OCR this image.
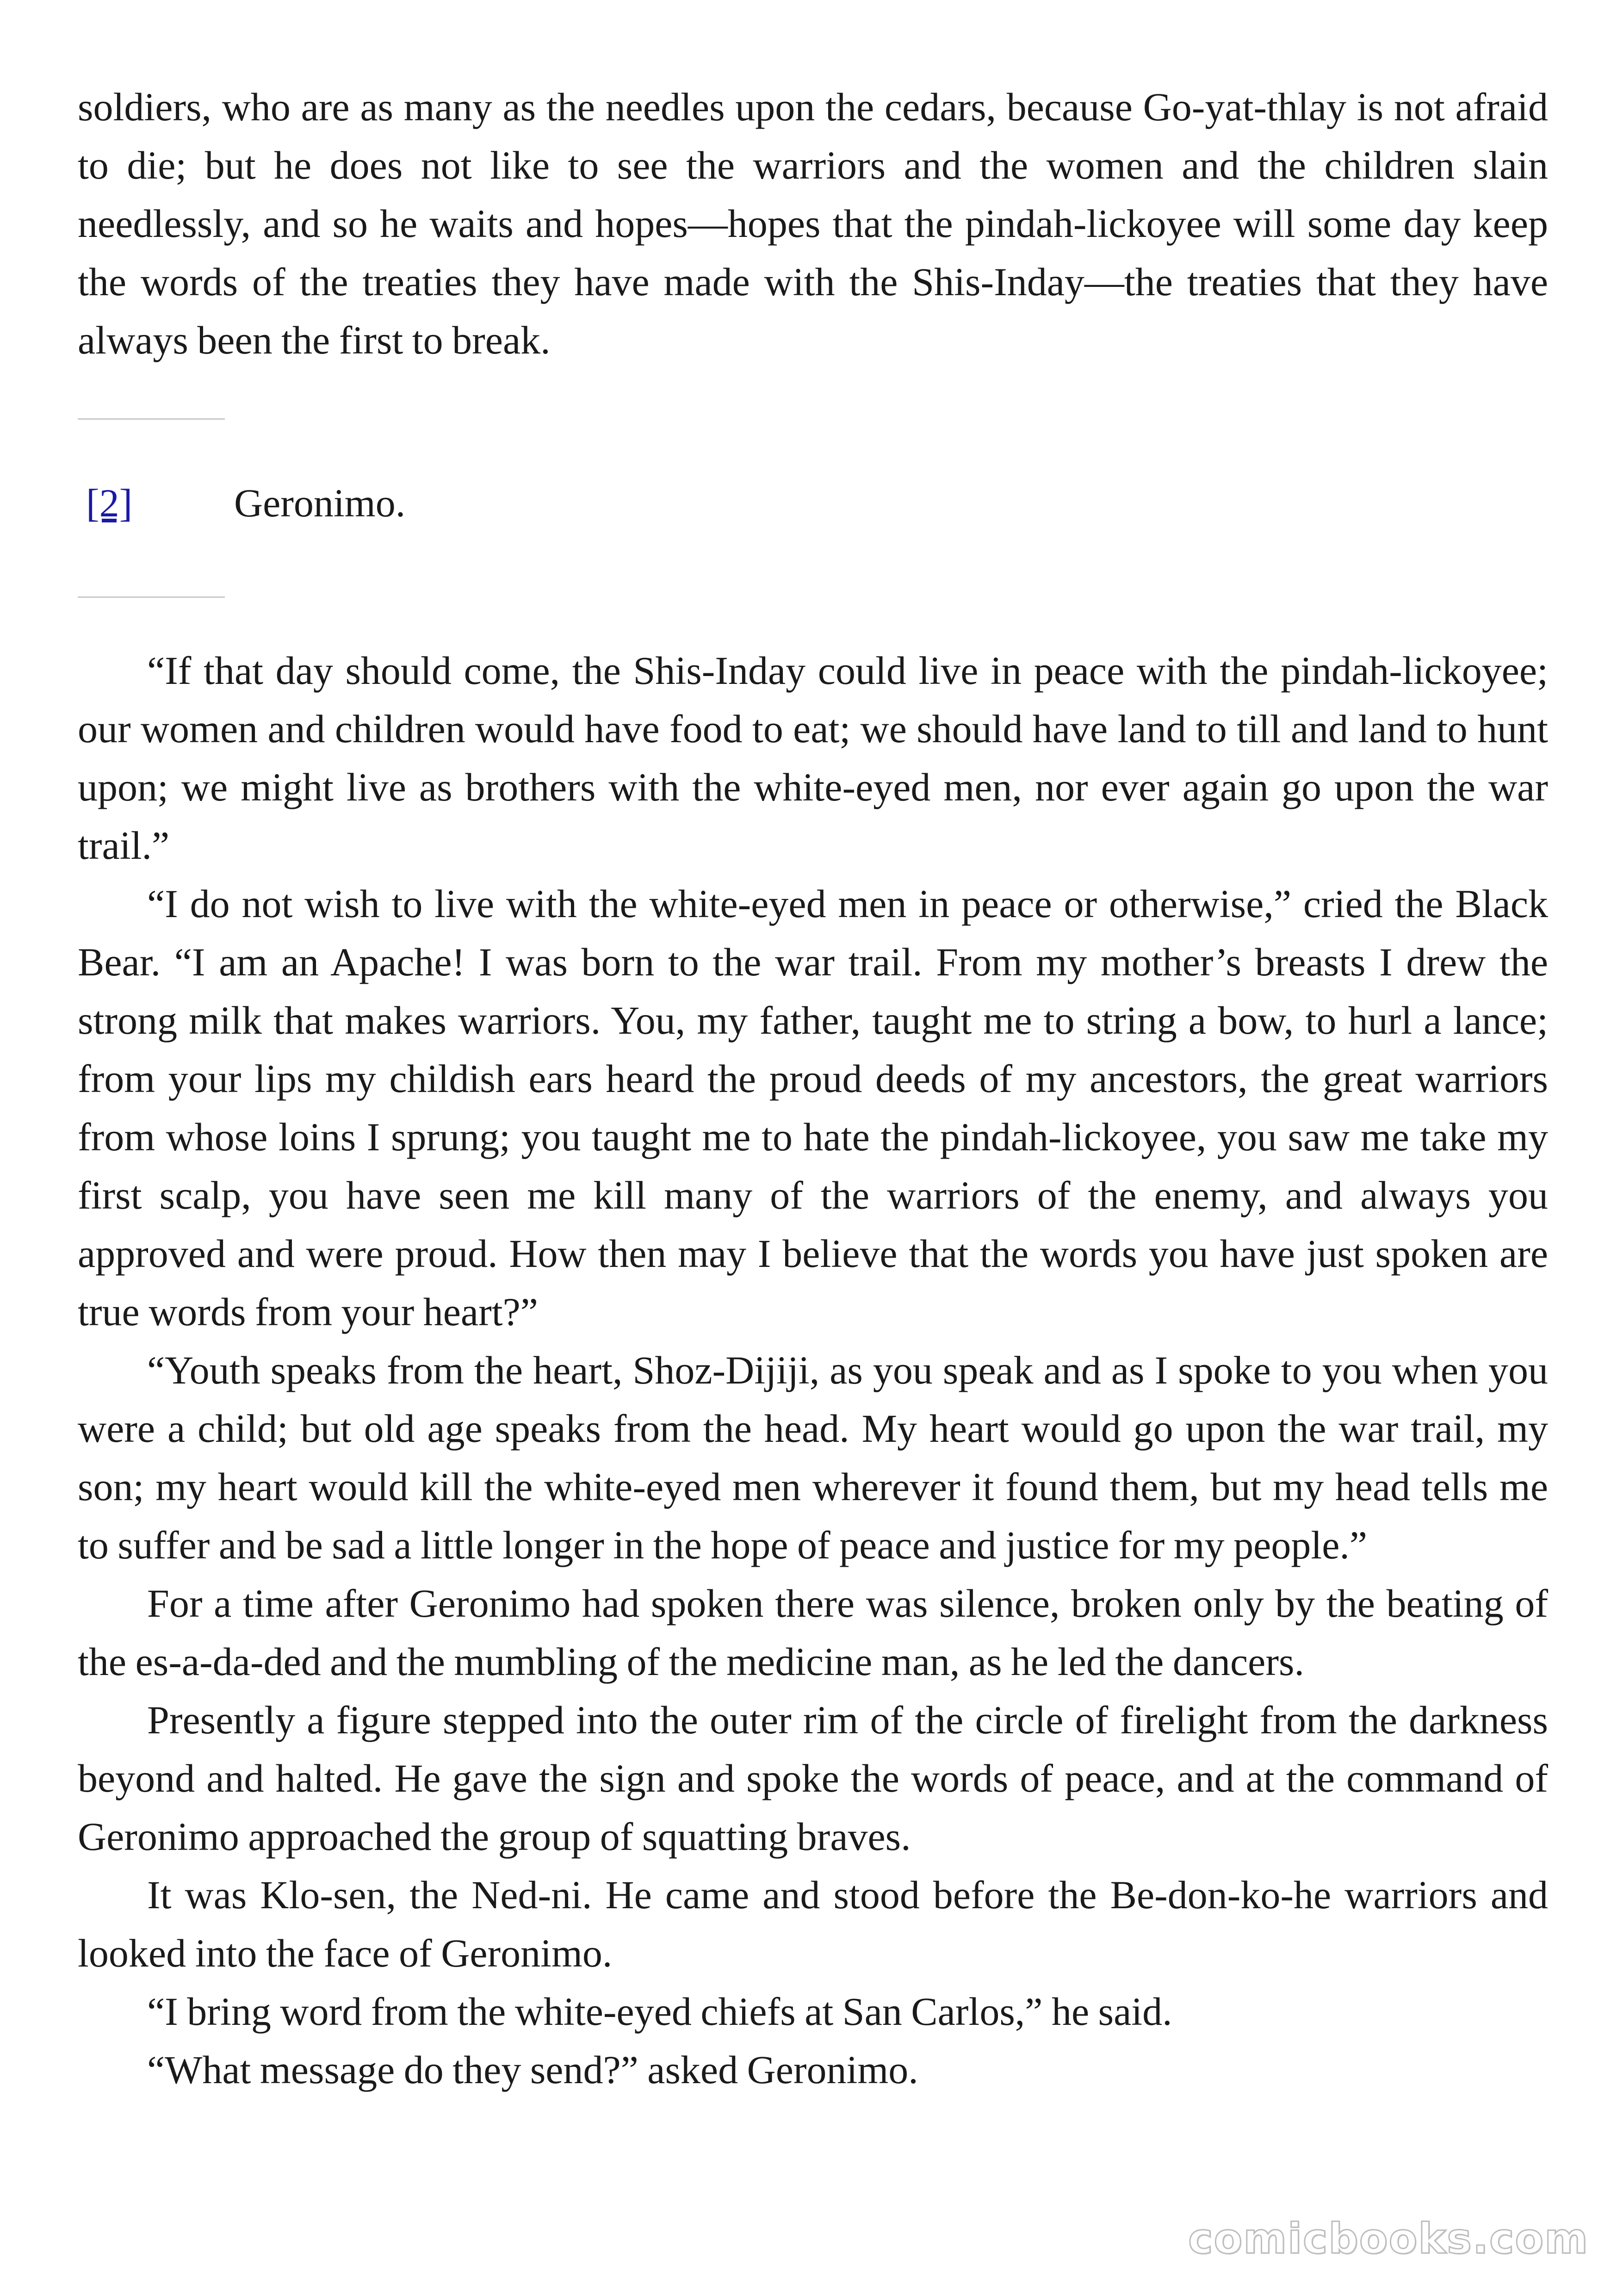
soldiers, who are as many as the needles upon the cedars, because Go-yat-thlay is not afraid to die; but he does not like to see the warriors and the women and the children slain needlessly, and so he waits and hopes—hopes that the pindah-lickoyee will some day keep the words of the treaties they have made with the Shis-Inday—the treaties that they have always been the first to break.

[2]	Geronimo.

“If that day should come, the Shis-Inday could live in peace with the pindah-lickoyee; our women and children would have food to eat; we should have land to till and land to hunt upon; we might live as brothers with the white-eyed men, nor ever again go upon the war trail.”

“I do not wish to live with the white-eyed men in peace or otherwise,” cried the Black Bear. “I am an Apache! I was born to the war trail. From my mother’s breasts I drew the strong milk that makes warriors. You, my father, taught me to string a bow, to hurl a lance; from your lips my childish ears heard the proud deeds of my ancestors, the great warriors from whose loins I sprung; you taught me to hate the pindah-lickoyee, you saw me take my first scalp, you have seen me kill many of the warriors of the enemy, and always you approved and were proud. How then may I believe that the words you have just spoken are true words from your heart?”

“Youth speaks from the heart, Shoz-Dijiji, as you speak and as I spoke to you when you were a child; but old age speaks from the head. My heart would go upon the war trail, my son; my heart would kill the white-eyed men wherever it found them, but my head tells me to suffer and be sad a little longer in the hope of peace and justice for my people.”

For a time after Geronimo had spoken there was silence, broken only by the beating of the es-a-da-ded and the mumbling of the medicine man, as he led the dancers.

Presently a figure stepped into the outer rim of the circle of firelight from the darkness beyond and halted. He gave the sign and spoke the words of peace, and at the command of Geronimo approached the group of squatting braves.

It was Klo-sen, the Ned-ni. He came and stood before the Be-don-ko-he warriors and looked into the face of Geronimo.

“I bring word from the white-eyed chiefs at San Carlos,” he said.

“What message do they send?” asked Geronimo.

comicbooks.com
